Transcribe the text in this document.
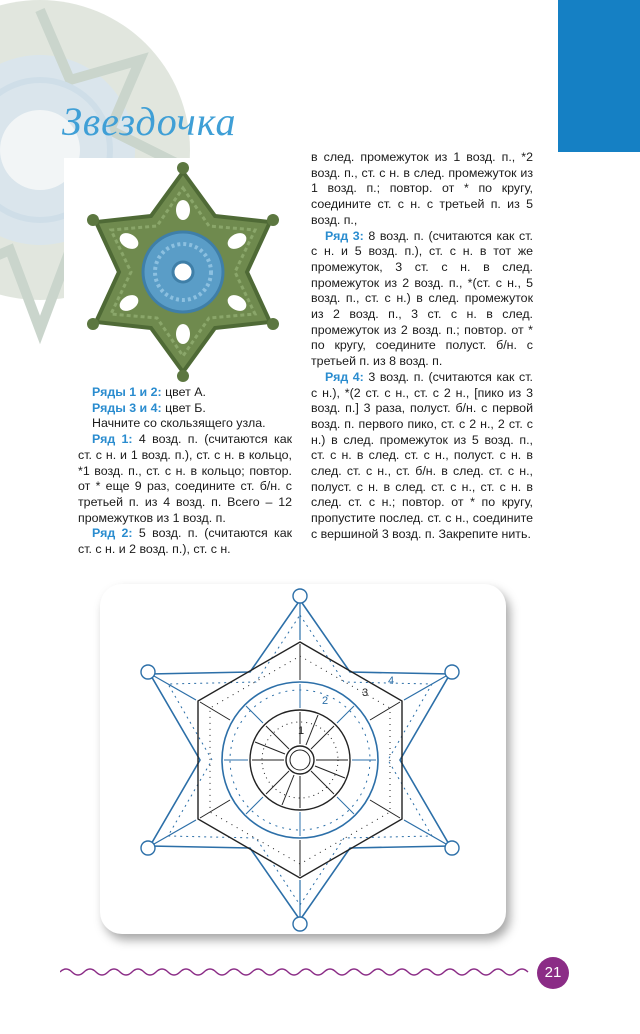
Звездочка

Ряды 1 и 2: цвет А.

Ряды 3 и 4: цвет Б.

Начните со скользящего узла.

Ряд 1: 4 возд. п. (считаются как ст. с н. и 1 возд. п.), ст. с н. в кольцо, *1 возд. п., ст. с н. в кольцо; повтор. от * еще 9 раз, соедините ст. б/н. с третьей п. из 4 возд. п. Всего – 12 промежутков из 1 возд. п.

Ряд 2: 5 возд. п. (считаются как ст. с н. и 2 возд. п.), ст. с н.

в след. промежуток из 1 возд. п., *2 возд. п., ст. с н. в след. промежуток из 1 возд. п.; повтор. от * по кругу, соедините ст. с н. с третьей п. из 5 возд. п.,

Ряд 3: 8 возд. п. (считаются как ст. с н. и 5 возд. п.), ст. с н. в тот же промежуток, 3 ст. с н. в след. промежуток из 2 возд. п., *(ст. с н., 5 возд. п., ст. с н.) в след. промежуток из 2 возд. п., 3 ст. с н. в след. промежуток из 2 возд. п.; повтор. от * по кругу, соедините полуст. б/н. с третьей п. из 8 возд. п.

Ряд 4: 3 возд. п. (считаются как ст. с н.), *(2 ст. с н., ст. с 2 н., [пико из 3 возд. п.] 3 раза, полуст. б/н. с первой возд. п. первого пико, ст. с 2 н., 2 ст. с н.) в след. промежуток из 5 возд. п., ст. с н. в след. ст. с н., полуст. с н. в след. ст. с н., ст. б/н. в след. ст. с н., полуст. с н. в след. ст. с н., ст. с н. в след. ст. с н.; повтор. от * по кругу, пропустите послед. ст. с н., соедините с вершиной 3 возд. п. Закрепите нить.

1
2
3
4
21
